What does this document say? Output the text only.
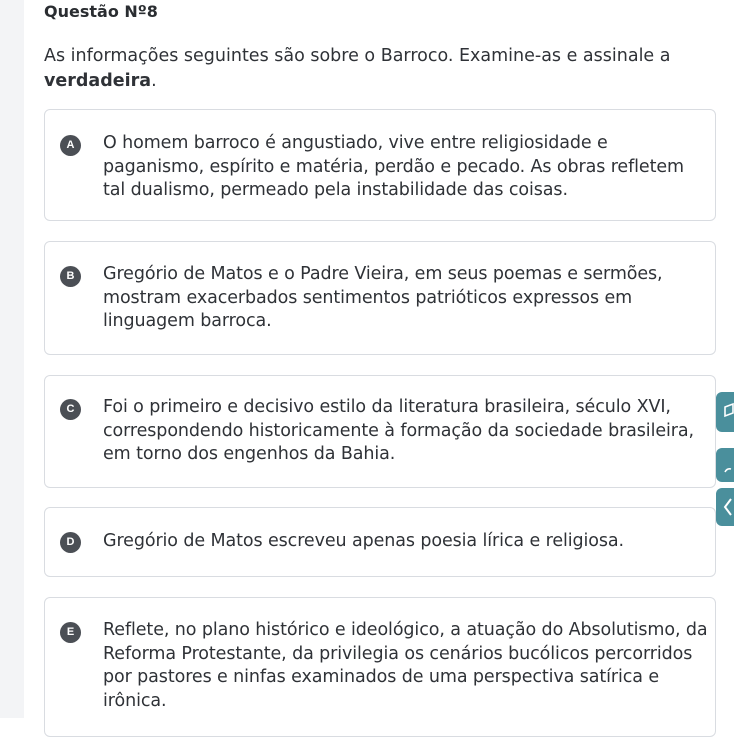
Questão Nº8
As informações seguintes são sobre o Barroco. Examine-as e assinale a verdadeira.
A	O homem barroco é angustiado, vive entre religiosidade e paganismo, espírito e matéria, perdão e pecado. As obras refletem tal dualismo, permeado pela instabilidade das coisas.
B	Gregório de Matos e o Padre Vieira, em seus poemas e sermões, mostram exacerbados sentimentos patrióticos expressos em linguagem barroca.
C	Foi o primeiro e decisivo estilo da literatura brasileira, século XVI, correspondendo historicamente à formação da sociedade brasileira, em torno dos engenhos da Bahia.
D	Gregório de Matos escreveu apenas poesia lírica e religiosa.
E	Reflete, no plano histórico e ideológico, a atuação do Absolutismo, da Reforma Protestante, da privilegia os cenários bucólicos percorridos por pastores e ninfas examinados de uma perspectiva satírica e irônica.
